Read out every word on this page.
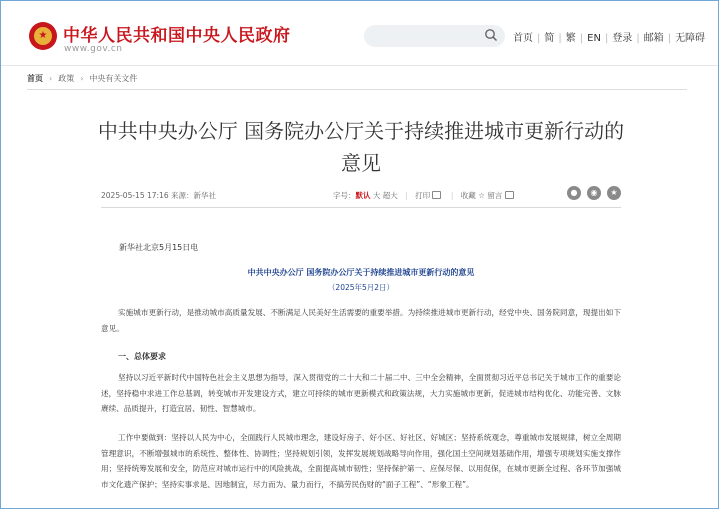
★ 中华人民共和国中央人民政府
www.gov.cn
首页 | 简 | 繁 | EN | 登录 | 邮箱 | 无障碍
首页 › 政策 › 中央有关文件
中共中央办公厅 国务院办公厅关于持续推进城市更新行动的意见
2025-05-15 17:16 来源：新华社	字号：默认 大 超大 | 打印	| 收藏 ☆ 留言	●	◉	★
新华社北京5月15日电
中共中央办公厅 国务院办公厅关于持续推进城市更新行动的意见
（2025年5月2日）
实施城市更新行动，是推动城市高质量发展、不断满足人民美好生活需要的重要举措。为持续推进城市更新行动，经党中央、国务院同意，现提出如下意见。
一、总体要求
坚持以习近平新时代中国特色社会主义思想为指导，深入贯彻党的二十大和二十届二中、三中全会精神，全面贯彻习近平总书记关于城市工作的重要论述，坚持稳中求进工作总基调，转变城市开发建设方式，建立可持续的城市更新模式和政策法规，大力实施城市更新，促进城市结构优化、功能完善、文脉赓续、品质提升，打造宜居、韧性、智慧城市。
工作中要做到：坚持以人民为中心，全面践行人民城市理念，建设好房子、好小区、好社区、好城区；坚持系统观念，尊重城市发展规律，树立全周期管理意识，不断增强城市的系统性、整体性、协调性；坚持规划引领，发挥发展规划战略导向作用，强化国土空间规划基础作用，增强专项规划实施支撑作用；坚持统筹发展和安全，防范应对城市运行中的风险挑战，全面提高城市韧性；坚持保护第一、应保尽保、以用促保，在城市更新全过程、各环节加强城市文化遗产保护；坚持实事求是、因地制宜，尽力而为、量力而行，不搞劳民伤财的“面子工程”、“形象工程”。
